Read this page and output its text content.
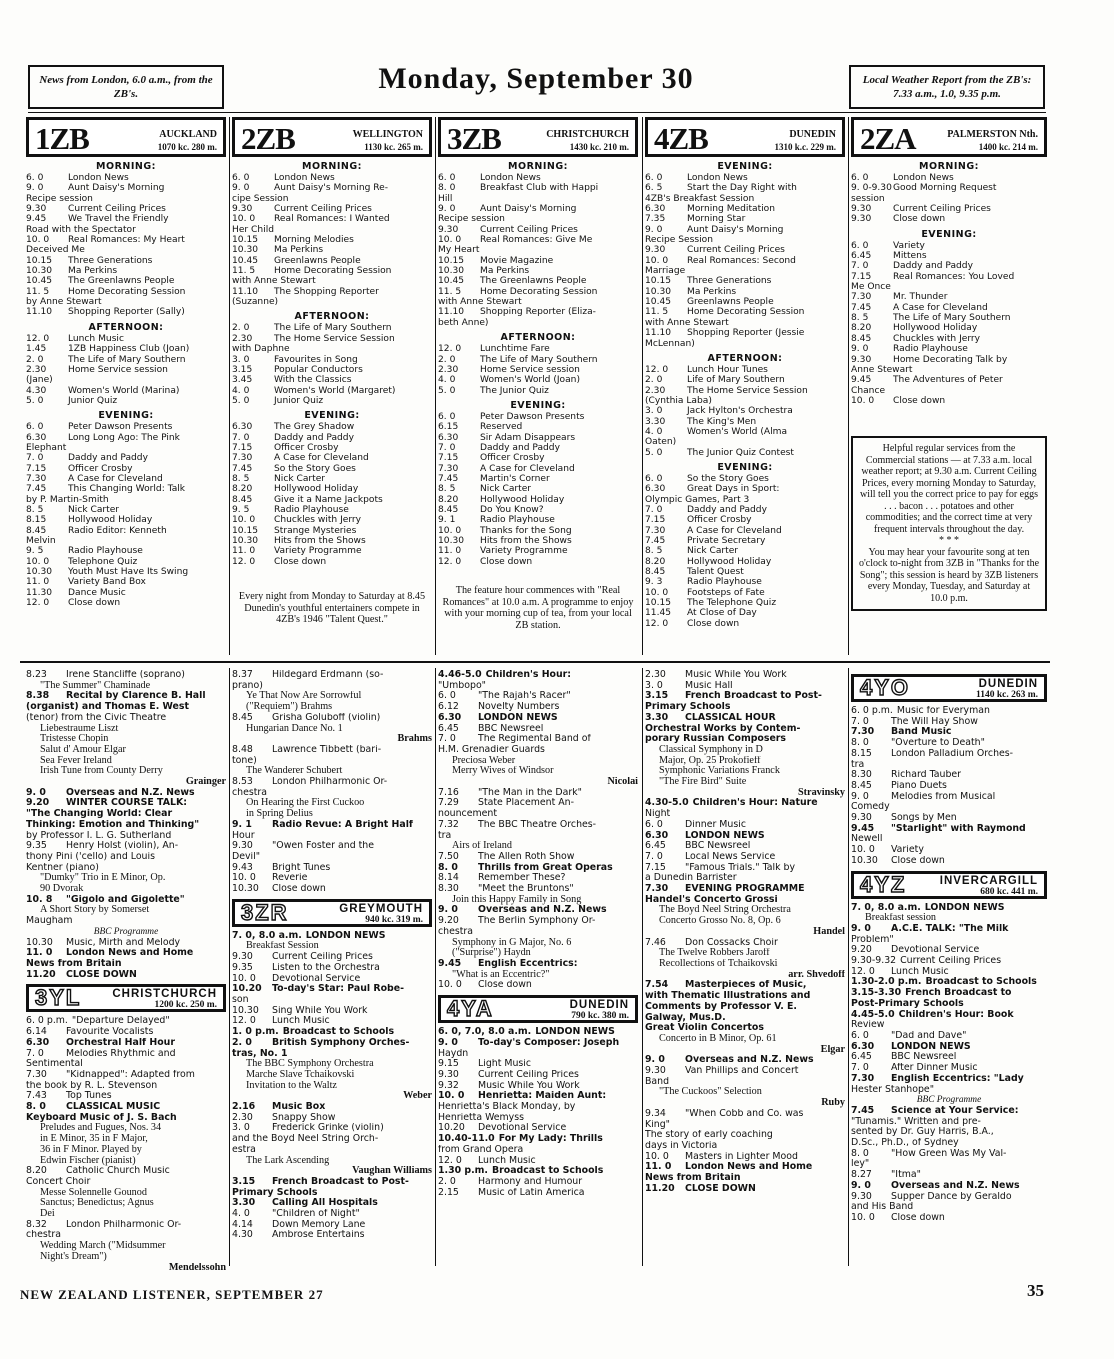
News from London, 6.0 a.m., from the ZB's.	Monday, September 30	Local Weather Report from the ZB's: 7.33 a.m., 1.0, 9.35 p.m.
1ZB	AUCKLAND
1070 kc. 280 m.
MORNING:
6. 0	London News
9. 0	Aunt Daisy's Morning
Recipe session
9.30 Current Ceiling Prices
9.45 We Travel the Friendly
Road with the Spectator
10. 0 Real Romances: My Heart
Deceived Me
10.15 Three Generations
10.30 Ma Perkins
10.45 The Greenlawns People
11. 5 Home Decorating Session
by Anne Stewart
11.10 Shopping Reporter (Sally)
AFTERNOON:
12. 0 Lunch Music
1.45 1ZB Happiness Club (Joan)
2. 0	The Life of Mary Southern
2.30 Home Service session
(Jane)
4.30 Women's World (Marina)
5. 0	Junior Quiz
EVENING:
6. 0	Peter Dawson Presents
6.30 Long Long Ago: The Pink
Elephant
7. 0	Daddy and Paddy
7.15 Officer Crosby
7.30 A Case for Cleveland
7.45 This Changing World: Talk
by P. Martin-Smith
8. 5	Nick Carter
8.15 Hollywood Holiday
8.45 Radio Editor: Kenneth
Melvin
9. 5	Radio Playhouse
10. 0 Telephone Quiz
10.30 Youth Must Have Its Swing
11. 0 Variety Band Box
11.30 Dance Music
12. 0 Close down
2ZB	WELLINGTON
1130 kc. 265 m.
MORNING:
6. 0	London News
9. 0	Aunt Daisy's Morning Re-
cipe Session
9.30 Current Ceiling Prices
10. 0 Real Romances: I Wanted
Her Child
10.15 Morning Melodies
10.30 Ma Perkins
10.45 Greenlawns People
11. 5 Home Decorating Session
with Anne Stewart
11.10 The Shopping Reporter
(Suzanne)
AFTERNOON:
2. 0	The Life of Mary Southern
2.30 The Home Service Session
with Daphne
3. 0	Favourites in Song
3.15 Popular Conductors
3.45 With the Classics
4. 0	Women's World (Margaret)
5. 0	Junior Quiz
EVENING:
6.30 The Grey Shadow
7. 0	Daddy and Paddy
7.15 Officer Crosby
7.30 A Case for Cleveland
7.45 So the Story Goes
8. 5	Nick Carter
8.20 Hollywood Holiday
8.45 Give it a Name Jackpots
9. 5	Radio Playhouse
10. 0 Chuckles with Jerry
10.15 Strange Mysteries
10.30 Hits from the Shows
11. 0 Variety Programme
12. 0 Close down
Every night from Monday to Saturday at 8.45 Dunedin's youthful entertainers compete in 4ZB's 1946 "Talent Quest."
3ZB	CHRISTCHURCH
1430 kc. 210 m.
MORNING:
6. 0	London News
8. 0	Breakfast Club with Happi
Hill
9. 0	Aunt Daisy's Morning
Recipe session
9.30 Current Ceiling Prices
10. 0 Real Romances: Give Me
My Heart
10.15 Movie Magazine
10.30 Ma Perkins
10.45 The Greenlawns People
11. 5 Home Decorating Session
with Anne Stewart
11.10 Shopping Reporter (Eliza-
beth Anne)
AFTERNOON:
12. 0 Lunchtime Fare
2. 0	The Life of Mary Southern
2.30 Home Service session
4. 0	Women's World (Joan)
5. 0	The Junior Quiz
EVENING:
6. 0	Peter Dawson Presents
6.15 Reserved
6.30 Sir Adam Disappears
7. 0	Daddy and Paddy
7.15 Officer Crosby
7.30 A Case for Cleveland
7.45 Martin's Corner
8. 5	Nick Carter
8.20 Hollywood Holiday
8.45 Do You Know?
9. 1	Radio Playhouse
10. 0 Thanks for the Song
10.30 Hits from the Shows
11. 0 Variety Programme
12. 0 Close down
The feature hour commences with "Real Romances" at 10.0 a.m. A programme to enjoy with your morning cup of tea, from your local ZB station.
4ZB	DUNEDIN
1310 k.c. 229 m.
EVENING:
6. 0	London News
6. 5	Start the Day Right with
4ZB's Breakfast Session
6.30 Morning Meditation
7.35 Morning Star
9. 0	Aunt Daisy's Morning
Recipe Session
9.30 Current Ceiling Prices
10. 0 Real Romances: Second
Marriage
10.15 Three Generations
10.30 Ma Perkins
10.45 Greenlawns People
11. 5 Home Decorating Session
with Anne Stewart
11.10 Shopping Reporter (Jessie
McLennan)
AFTERNOON:
12. 0 Lunch Hour Tunes
2. 0	Life of Mary Southern
2.30 The Home Service Session
(Cynthia Laba)
3. 0	Jack Hylton's Orchestra
3.30 The King's Men
4. 0	Women's World (Alma
Oaten)
5. 0	The Junior Quiz Contest
EVENING:
6. 0	So the Story Goes
6.30 Great Days in Sport:
Olympic Games, Part 3
7. 0	Daddy and Paddy
7.15 Officer Crosby
7.30 A Case for Cleveland
7.45 Private Secretary
8. 5	Nick Carter
8.20 Hollywood Holiday
8.45 Talent Quest
9. 3	Radio Playhouse
10. 0 Footsteps of Fate
10.15 The Telephone Quiz
11.45 At Close of Day
12. 0 Close down
2ZA	PALMERSTON Nth.
1400 kc. 214 m.
MORNING:
6. 0	London News
9. 0-9.30Good Morning Request
session
9.30 Current Ceiling Prices
9.30 Close down
EVENING:
6. 0	Variety
6.45 Mittens
7. 0	Daddy and Paddy
7.15 Real Romances: You Loved
Me Once
7.30 Mr. Thunder
7.45 A Case for Cleveland
8. 5	The Life of Mary Southern
8.20 Hollywood Holiday
8.45 Chuckles with Jerry
9. 0	Radio Playhouse
9.30 Home Decorating Talk by
Anne Stewart
9.45 The Adventures of Peter
Chance
10. 0 Close down
Helpful regular services from the Commercial stations — at 7.33 a.m. local weather report; at 9.30 a.m. Current Ceiling Prices, every morning Monday to Saturday, will tell you the correct price to pay for eggs . . . bacon . . . potatoes and other commodities; and the correct time at very frequent intervals throughout the day.
* * *
You may hear your favourite song at ten o'clock to-night from 3ZB in "Thanks for the Song"; this session is heard by 3ZB listeners every Monday, Tuesday, and Saturday at 10.0 p.m.
8.23 Irene Stancliffe (soprano)
"The Summer" Chaminade
8.38 Recital by Clarence B. Hall
(organist) and Thomas E. West
(tenor) from the Civic Theatre
Liebestraume Liszt
Tristesse Chopin
Salut d' Amour Elgar
Sea Fever Ireland
Irish Tune from County Derry
Grainger
9. 0 Overseas and N.Z. News
9.20 WINTER COURSE TALK:
"The Changing World: Clear
Thinking: Emotion and Thinking"
by Professor I. L. G. Sutherland
9.35 Henry Holst (violin), An-
thony Pini ('cello) and Louis
Kentner (piano)
"Dumky" Trio in E Minor, Op.
90 Dvorak
10. 8 "Gigolo and Gigolette"
A Short Story by Somerset
Maugham
BBC Programme
10.30 Music, Mirth and Melody
11. 0 London News and Home
News from Britain
11.20 CLOSE DOWN
3YL	CHRISTCHURCH
1200 kc. 250 m.
6. 0 p.m. "Departure Delayed"
6.14 Favourite Vocalists
6.30 Orchestral Half Hour
7. 0 Melodies Rhythmic and
Sentimental
7.30 "Kidnapped": Adapted from
the book by R. L. Stevenson
7.43 Top Tunes
8. 0 CLASSICAL MUSIC
Keyboard Music of J. S. Bach
Preludes and Fugues, Nos. 34
in E Minor, 35 in F Major,
36 in F Minor. Played by
Edwin Fischer (pianist)
8.20 Catholic Church Music
Concert Choir
Messe Solennelle Gounod
Sanctus; Benedictus; Agnus
Dei
8.32 London Philharmonic Or-
chestra
Wedding March ("Midsummer
Night's Dream")
Mendelssohn
8.37 Hildegard Erdmann (so-
prano)
Ye That Now Are Sorrowful
("Requiem") Brahms
8.45 Grisha Goluboff (violin)
Hungarian Dance No. 1
Brahms
8.48 Lawrence Tibbett (bari-
tone)
The Wanderer Schubert
8.53 London Philharmonic Or-
chestra
On Hearing the First Cuckoo
in Spring Delius
9. 1 Radio Revue: A Bright Half
Hour
9.30 "Owen Foster and the
Devil"
9.43 Bright Tunes
10. 0 Reverie
10.30 Close down
3ZR	GREYMOUTH
940 kc. 319 m.
7. 0, 8.0 a.m. LONDON NEWS
Breakfast Session
9.30 Current Ceiling Prices
9.35 Listen to the Orchestra
10. 0 Devotional Service
10.20 To-day's Star: Paul Robe-
son
10.30 Sing While You Work
12. 0 Lunch Music
1. 0 p.m. Broadcast to Schools
2. 0 British Symphony Orches-
tras, No. 1
The BBC Symphony Orchestra
Marche Slave Tchaikovski
Invitation to the Waltz
Weber
2.16 Music Box
2.30 Snappy Show
3. 0 Frederick Grinke (violin)
and the Boyd Neel String Orch-
estra
The Lark Ascending
Vaughan Williams
3.15 French Broadcast to Post-
Primary Schools
3.30 Calling All Hospitals
4. 0 "Children of Night"
4.14 Down Memory Lane
4.30 Ambrose Entertains
4.46-5.0 Children's Hour:
"Umbopo"
6. 0 "The Rajah's Racer"
6.12 Novelty Numbers
6.30 LONDON NEWS
6.45 BBC Newsreel
7. 0 The Regimental Band of
H.M. Grenadier Guards
Preciosa Weber
Merry Wives of Windsor
Nicolai
7.16 "The Man in the Dark"
7.29 State Placement An-
nouncement
7.32 The BBC Theatre Orches-
tra
Airs of Ireland
7.50 The Allen Roth Show
8. 0 Thrills from Great Operas
8.14 Remember These?
8.30 "Meet the Bruntons"
Join this Happy Family in Song
9. 0 Overseas and N.Z. News
9.20 The Berlin Symphony Or-
chestra
Symphony in G Major, No. 6
("Surprise") Haydn
9.45 English Eccentrics:
"What is an Eccentric?"
10. 0 Close down
4YA	DUNEDIN
790 kc. 380 m.
6. 0, 7.0, 8.0 a.m. LONDON NEWS
9. 0 To-day's Composer: Joseph
Haydn
9.15 Light Music
9.30 Current Ceiling Prices
9.32 Music While You Work
10. 0 Henrietta: Maiden Aunt:
Henrietta's Black Monday, by
Henrietta Wemyss
10.20 Devotional Service
10.40-11.0 For My Lady: Thrills
from Grand Opera
12. 0 Lunch Music
1.30 p.m. Broadcast to Schools
2. 0 Harmony and Humour
2.15 Music of Latin America
2.30 Music While You Work
3. 0 Music Hall
3.15 French Broadcast to Post-
Primary Schools
3.30 CLASSICAL HOUR
Orchestral Works by Contem-
porary Russian Composers
Classical Symphony in D
Major, Op. 25 Prokofieff
Symphonic Variations Franck
"The Fire Bird" Suite
Stravinsky
4.30-5.0 Children's Hour: Nature
Night
6. 0 Dinner Music
6.30 LONDON NEWS
6.45 BBC Newsreel
7. 0 Local News Service
7.15 "Famous Trials." Talk by
a Dunedin Barrister
7.30 EVENING PROGRAMME
Handel's Concerto Grossi
The Boyd Neel String Orchestra
Concerto Grosso No. 8, Op. 6
Handel
7.46 Don Cossacks Choir
The Twelve Robbers Jaroff
Recollections of Tchaikovski
arr. Shvedoff
7.54 Masterpieces of Music,
with Thematic Illustrations and
Comments by Professor V. E.
Galway, Mus.D.
Great Violin Concertos
Concerto in B Minor, Op. 61
Elgar
9. 0 Overseas and N.Z. News
9.30 Van Phillips and Concert
Band
"The Cuckoos" Selection
Ruby
9.34 "When Cobb and Co. was
King"
The story of early coaching
days in Victoria
10. 0 Masters in Lighter Mood
11. 0 London News and Home
News from Britain
11.20 CLOSE DOWN
4YO	DUNEDIN
1140 kc. 263 m.
6. 0 p.m. Music for Everyman
7. 0 The Will Hay Show
7.30 Band Music
8. 0 "Overture to Death"
8.15 London Palladium Orches-
tra
8.30 Richard Tauber
8.45 Piano Duets
9. 0 Melodies from Musical
Comedy
9.30 Songs by Men
9.45 "Starlight" with Raymond
Newell
10. 0 Variety
10.30 Close down
4YZ	INVERCARGILL
680 kc. 441 m.
7. 0, 8.0 a.m. LONDON NEWS
Breakfast session
9. 0 A.C.E. TALK: "The Milk
Problem"
9.20 Devotional Service
9.30-9.32 Current Ceiling Prices
12. 0 Lunch Music
1.30-2.0 p.m. Broadcast to Schools
3.15-3.30 French Broadcast to
Post-Primary Schools
4.45-5.0 Children's Hour: Book
Review
6. 0 "Dad and Dave"
6.30 LONDON NEWS
6.45 BBC Newsreel
7. 0 After Dinner Music
7.30 English Eccentrics: "Lady
Hester Stanhope"
BBC Programme
7.45 Science at Your Service:
"Tunamis." Written and pre-
sented by Dr. Guy Harris, B.A.,
D.Sc., Ph.D., of Sydney
8. 0 "How Green Was My Val-
ley"
8.27 "Itma"
9. 0 Overseas and N.Z. News
9.30 Supper Dance by Geraldo
and His Band
10. 0 Close down
NEW ZEALAND LISTENER, SEPTEMBER 27	35
